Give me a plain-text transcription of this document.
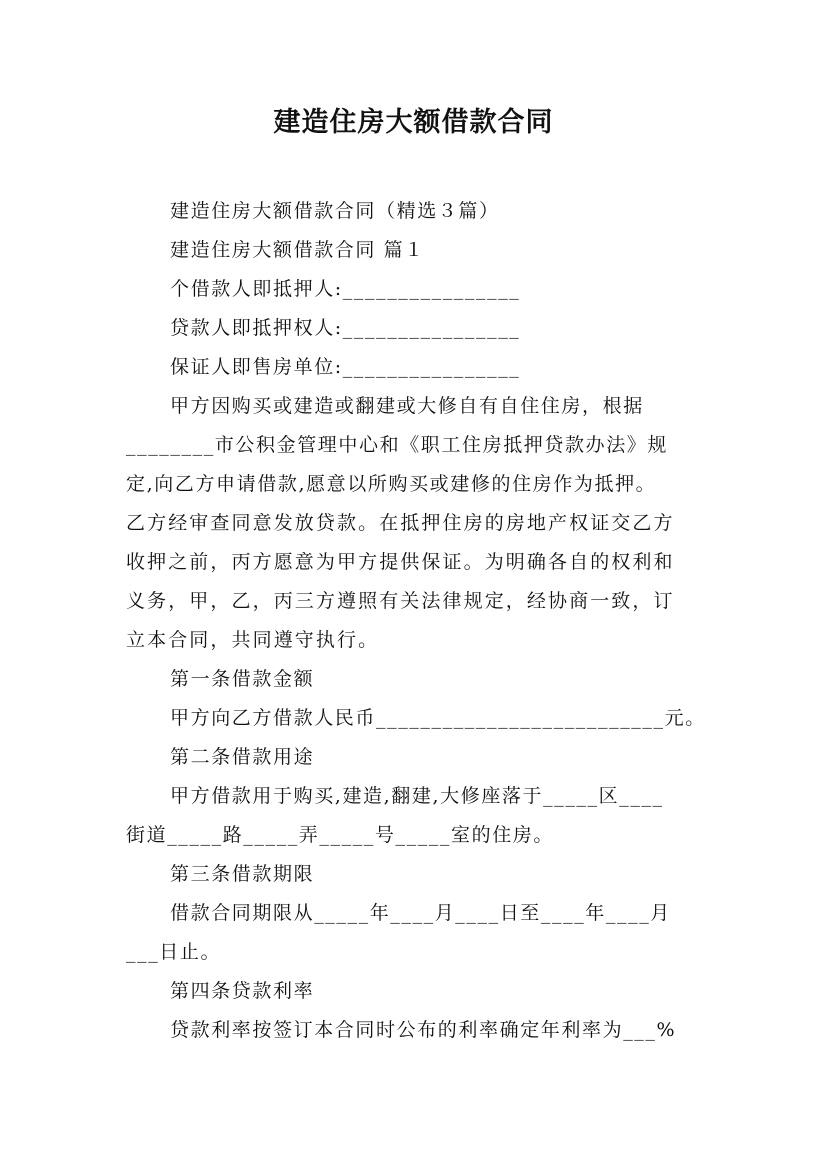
建造住房大额借款合同
建造住房大额借款合同（精选３篇）
建造住房大额借款合同 篇１
个借款人即抵押人:________________
贷款人即抵押权人:________________
保证人即售房单位:________________
甲方因购买或建造或翻建或大修自有自住住房，根据
________市公积金管理中心和《职工住房抵押贷款办法》规
定,向乙方申请借款,愿意以所购买或建修的住房作为抵押。
乙方经审查同意发放贷款。在抵押住房的房地产权证交乙方
收押之前，丙方愿意为甲方提供保证。为明确各自的权利和
义务，甲，乙，丙三方遵照有关法律规定，经协商一致，订
立本合同，共同遵守执行。
第一条借款金额
甲方向乙方借款人民币__________________________元。
第二条借款用途
甲方借款用于购买,建造,翻建,大修座落于_____区____
街道_____路_____弄_____号_____室的住房。
第三条借款期限
借款合同期限从_____年____月____日至____年____月
___日止。
第四条贷款利率
贷款利率按签订本合同时公布的利率确定年利率为___%
